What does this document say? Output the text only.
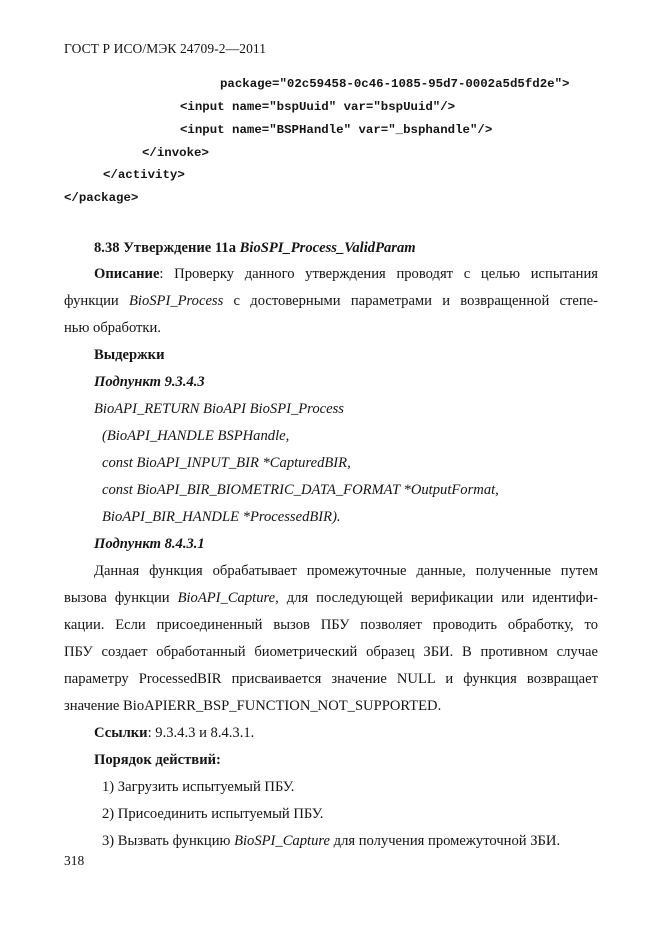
ГОСТ Р ИСО/МЭК 24709-2—2011
package="02c59458-0c46-1085-95d7-0002a5d5fd2e">
<input name="bspUuid" var="bspUuid"/>
<input name="BSPHandle" var="_bsphandle"/>
</invoke>
</activity>
</package>
8.38 Утверждение 11а BioSPI_Process_ValidParam
Описание: Проверку данного утверждения проводят с целью испытания
функции BioSPI_Process с достоверными параметрами и возвращенной степе-
нью обработки.
Выдержки
Подпункт 9.3.4.3
BioAPI_RETURN BioAPI BioSPI_Process
(BioAPI_HANDLE BSPHandle,
const BioAPI_INPUT_BIR *CapturedBIR,
const BioAPI_BIR_BIOMETRIC_DATA_FORMAT *OutputFormat,
BioAPI_BIR_HANDLE *ProcessedBIR).
Подпункт 8.4.3.1
Данная функция обрабатывает промежуточные данные, полученные путем
вызова функции BioAPI_Capture, для последующей верификации или идентифи-
кации. Если присоединенный вызов ПБУ позволяет проводить обработку, то
ПБУ создает обработанный биометрический образец ЗБИ. В противном случае
параметру ProcessedBIR присваивается значение NULL и функция возвращает
значение BioAPIERR_BSP_FUNCTION_NOT_SUPPORTED.
Ссылки: 9.3.4.3 и 8.4.3.1.
Порядок действий:
1) Загрузить испытуемый ПБУ.
2) Присоединить испытуемый ПБУ.
3) Вызвать функцию BioSPI_Capture для получения промежуточной ЗБИ.
318
